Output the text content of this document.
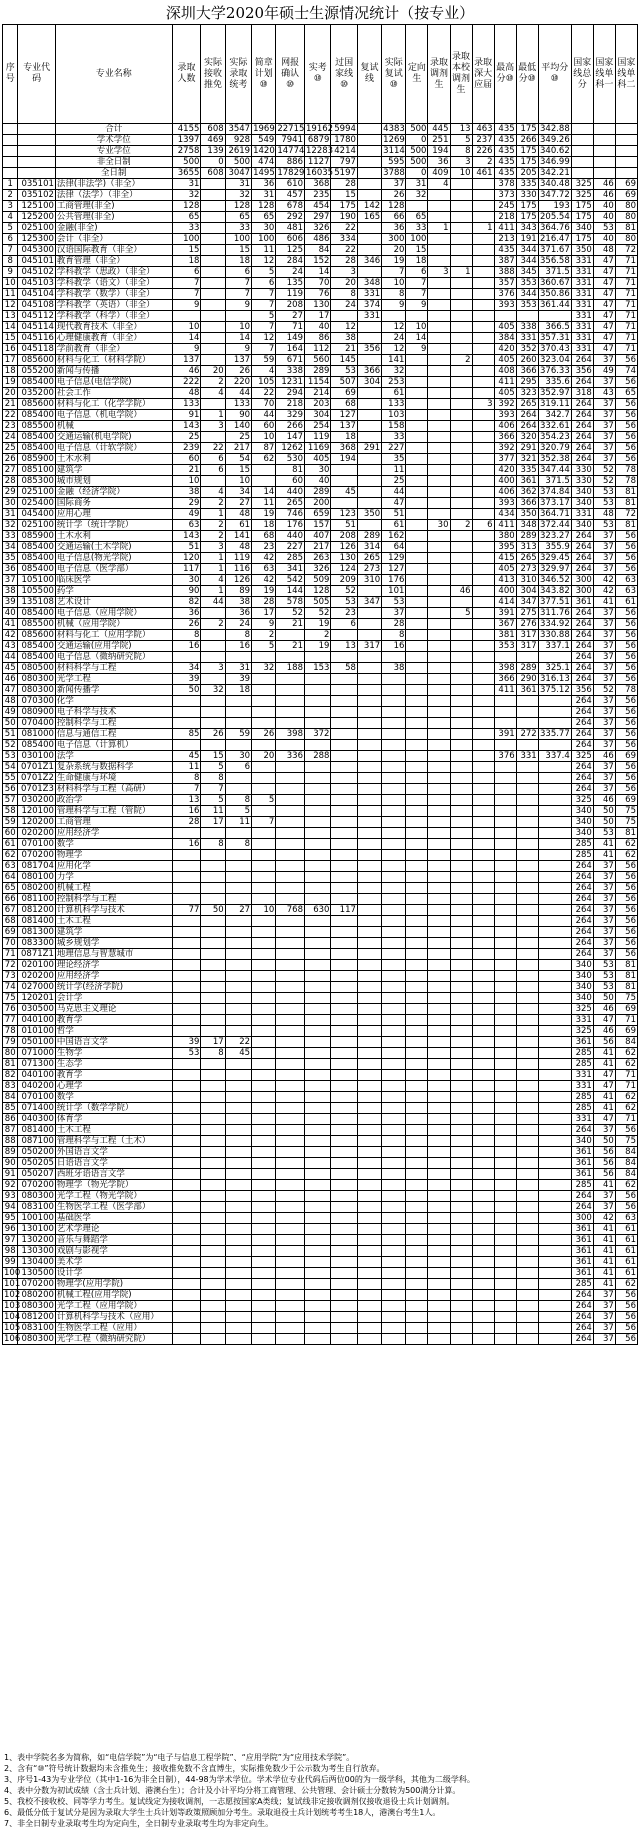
深圳大学2020年硕士生源情况统计（按专业）
序号	专业代码	专业名称	录取人数	实际接收推免	实际录取统考	简章计划⑩	网报确认⑩	实考⑩	过国家线⑩	复试线	实际复试⑩	定向生	录取调剂生	录取本校调剂生	录取深大应届	最高分⑩	最低分⑩	平均分⑩	国家线总分	国家线单科一	国家线单科二
		合计	4155	608	3547	1969	22715	19162	5994		4383	500	445	13	463	435	175	342.88			
		学术学位	1397	469	928	549	7941	6879	1780		1269	0	251	5	237	435	266	349.26			
		专业学位	2758	139	2619	1420	14774	12283	4214		3114	500	194	8	226	435	175	340.62			
		非全日制	500	0	500	474	886	1127	797		595	500	36	3	2	435	175	346.99			
		全日制	3655	608	3047	1495	17829	16035	5197		3788	0	409	10	461	435	205	342.21			
1	035101	法律(非法学)（非全）	31		31	36	610	368	28		37	31	4			378	335	340.48	325	46	69
2	035102	法律（法学）（非全）	32		32	31	457	235	15		26	32				373	330	347.72	325	46	69
3	125100	工商管理(非全)	128		128	128	678	454	175	142	128					245	175	193	175	40	80
4	125200	公共管理(非全)	65		65	65	292	297	190	165	66	65				218	175	205.54	175	40	80
5	025100	金融(非全)	33		33	30	481	326	22		36	33	1		1	411	343	364.76	340	53	81
6	125300	会计（非全）	100		100	100	606	486	334		300	100				213	191	216.47	175	40	80
7	045300	汉语国际教育（非全）	15		15	11	125	84	22		20	15				435	344	371.67	350	48	72
8	045101	教育管理（非全）	18		18	12	284	152	28	346	19	18				387	344	356.58	331	47	71
9	045102	学科教学（思政）（非全）	6		6	5	24	14	3		7	6	3	1		388	345	371.5	331	47	71
10	045103	学科教学（语文）（非全）	7		7	6	135	70	20	348	10	7				357	353	360.67	331	47	71
11	045104	学科教学（数学）（非全）	7		7	7	119	76	8	331	8	7				376	344	350.86	331	47	71
12	045108	学科教学（英语）（非全）	9		9	7	208	130	24	374	9	9				393	353	361.44	331	47	71
13	045112	学科教学（科学）（非全）				5	27	17		331									331	47	71
14	045114	现代教育技术（非全）	10		10	7	71	40	12		12	10				405	338	366.5	331	47	71
15	045116	心理健康教育（非全）	14		14	12	149	86	38		24	14				384	331	357.31	331	47	71
16	045118	学前教育（非全）	9		9	7	164	112	21	356	12	9				420	352	370.43	331	47	71
17	085600	材料与化工（材料学院）	137		137	59	671	560	145		141			2		405	260	323.04	264	37	56
18	055200	新闻与传播	46	20	26	4	338	289	53	366	32					408	366	376.33	356	49	74
19	085400	电子信息(电信学院)	222	2	220	105	1231	1154	507	304	253					411	295	335.6	264	37	56
20	035200	社会工作	48	4	44	22	294	214	69		61					405	323	352.97	318	43	65
21	085600	材料与化工（化学学院）	133		133	70	218	203	68		133				3	392	265	319.11	264	37	56
22	085400	电子信息（机电学院）	91	1	90	44	329	304	127		103					393	264	342.7	264	37	56
23	085500	机械	143	3	140	60	266	254	137		158					406	264	332.61	264	37	56
24	085400	交通运输(机电学院)	25		25	10	147	119	18		33					366	320	354.23	264	37	56
25	085400	电子信息（计软学院）	239	22	217	87	1262	1169	368	291	227					392	291	320.79	264	37	56
26	085900	土木水利	60	6	54	62	530	405	194		35					377	321	352.38	264	37	56
27	085100	建筑学	21	6	15		81	30			11					420	335	347.44	330	52	78
28	085300	城市规划	10		10		60	40			25					400	361	371.5	330	52	78
29	025100	金融（经济学院）	38	4	34	14	440	289	45		44					406	362	374.84	340	53	81
30	025400	国际商务	29	2	27	11	265	200			47					393	366	373.17	340	53	81
31	045400	应用心理	49	1	48	19	746	659	123	350	51					434	350	364.71	331	48	72
32	025100	统计学（统计学院）	63	2	61	18	176	157	51		61		30	2	6	411	348	372.44	340	53	81
33	085900	土木水利	143	2	141	68	440	407	208	289	162					380	289	323.27	264	37	56
34	085400	交通运输(土木学院)	51	3	48	23	227	217	126	314	64					395	313	355.9	264	37	56
35	085400	电子信息(物光学院)	120	1	119	42	285	263	130	265	129					415	265	329.45	264	37	56
36	085400	电子信息（医学部）	117	1	116	63	341	326	124	273	127					405	273	329.97	264	37	56
37	105100	临床医学	30	4	126	42	542	509	209	310	176					413	310	346.52	300	42	63
38	105500	药学	90	1	89	19	144	128	52		101			46		400	304	343.82	300	42	63
39	135108	艺术设计	82	44	38	28	578	505	53	347	53					414	347	377.51	361	41	61
40	085400	电子信息（应用学院）	36		36	17	52	52	23		37			5		391	275	311.76	264	37	56
41	085500	机械（应用学院）	26	2	24	9	21	19	6		28					367	276	334.92	264	37	56
42	085600	材料与化工（应用学院）	8		8	2		2			8					381	317	330.88	264	37	56
43	085400	交通运输(应用学院)	16		16	5	21	19	13	317	16					353	317	337.1	264	37	56
44	085400	电子信息（微纳研究院）																	264	37	56
45	080500	材料科学与工程	34	3	31	32	188	153	58		38					398	289	325.1	264	37	56
46	080300	光学工程	39		39											366	290	316.13	264	37	56
47	080300	新闻传播学	50	32	18											411	361	375.12	356	52	78
48	070300	化学																	264	37	56
49	080900	电子科学与技术																	264	37	56
50	070400	控制科学与工程																	264	37	56
51	081000	信息与通信工程	85	26	59	26	398	372								391	272	335.77	264	37	56
52	085400	电子信息（计算机）																	264	37	56
53	030100	法学	45	15	30	20	336	288								376	331	337.4	325	46	69
54	0701Z1	复杂系统与数据科学	11	5	6														264	37	56
55	0701Z2	生命健康与环境	8	8															264	37	56
56	0701Z3	材料科学与工程（高研）	7	7															264	37	56
57	030200	政治学	13	5	8	5													325	46	69
58	120100	管理科学与工程（管院）	16	11	5														340	50	75
59	120200	工商管理	28	17	11	7													340	50	75
60	020200	应用经济学																	340	53	81
61	070100	数学	16	8	8														285	41	62
62	070200	物理学																	285	41	62
63	081704	应用化学																	264	37	56
64	080100	力学																	264	37	56
65	080200	机械工程																	264	37	56
66	081100	控制科学与工程																	264	37	56
67	081200	计算机科学与技术	77	50	27	10	768	630	117										264	37	56
68	081400	土木工程																	264	37	56
69	081300	建筑学																	264	37	56
70	083300	城乡规划学																	264	37	56
71	0871Z1	地理信息与智慧城市																	264	37	56
72	020100	理论经济学																	340	53	81
73	020200	应用经济学																	340	53	81
74	027000	统计学(经济学院)																	340	53	81
75	120201	会计学																	340	50	75
76	030500	马克思主义理论																	325	46	69
77	040100	教育学																	331	47	71
78	010100	哲学																	325	46	69
79	050100	中国语言文学	39	17	22														361	56	84
80	071000	生物学	53	8	45														285	41	62
81	071300	生态学																	285	41	62
82	040100	教育学																	331	47	71
83	040200	心理学																	331	47	71
84	070100	数学																	285	41	62
85	071400	统计学（数学学院）																	285	41	62
86	040300	体育学																	331	47	71
87	081400	土木工程																	264	37	56
88	087100	管理科学与工程（土木）																	340	50	75
89	050200	外国语言文学																	361	56	84
90	050205	日语语言文学																	361	56	84
91	050207	西班牙语语言文学																	361	56	84
92	070200	物理学（物光学院）																	285	41	62
93	080300	光学工程（物光学院）																	264	37	56
94	083100	生物医学工程（医学部）																	264	37	56
95	100100	基础医学																	300	42	63
96	130100	艺术学理论																	361	41	61
97	130200	音乐与舞蹈学																	361	41	61
98	130300	戏剧与影视学																	361	41	61
99	130400	美术学																	361	41	61
100	130500	设计学																	361	41	61
101	070200	物理学(应用学院)																	285	41	62
102	080200	机械工程(应用学院)																	264	37	56
103	080300	光学工程（应用学院）																	264	37	56
104	081200	计算机科学与技术（应用）																	264	37	56
105	083100	生物医学工程（应用）																	264	37	56
106	080300	光学工程（微纳研究院）																	264	37	56
1、表中学院名多为简称，如“电信学院”为“电子与信息工程学院”、“应用学院”为“应用技术学院”。
2、含有“⑩”符号统计数据均未含推免生；接收推免数不含直博生，实际推免数少于公示数为考生自行放弃。
3、序号1-43为专业学位（其中1-16为非全日制），44-98为学术学位。学术学位专业代码后两位00的为一级学科，其他为二级学科。
4、表中分数为初试成绩（含士兵计划、港澳台生）；合计及小计平均分将工商管理、公共管理、会计硕士分数转为500满分计算。
5、我校不接收校、同等学力考生。复试线定为接收调剂，一志愿按国家A类线；复试线非定接收调剂仅接收退役士兵计划调剂。
6、最低分低于复试分是因为录取大学生士兵计划等政策照顾加分考生。录取退役士兵计划统考考生18人，港澳台考生1人。
7、非全日制专业录取考生均为定向生，全日制专业录取考生均为非定向生。
